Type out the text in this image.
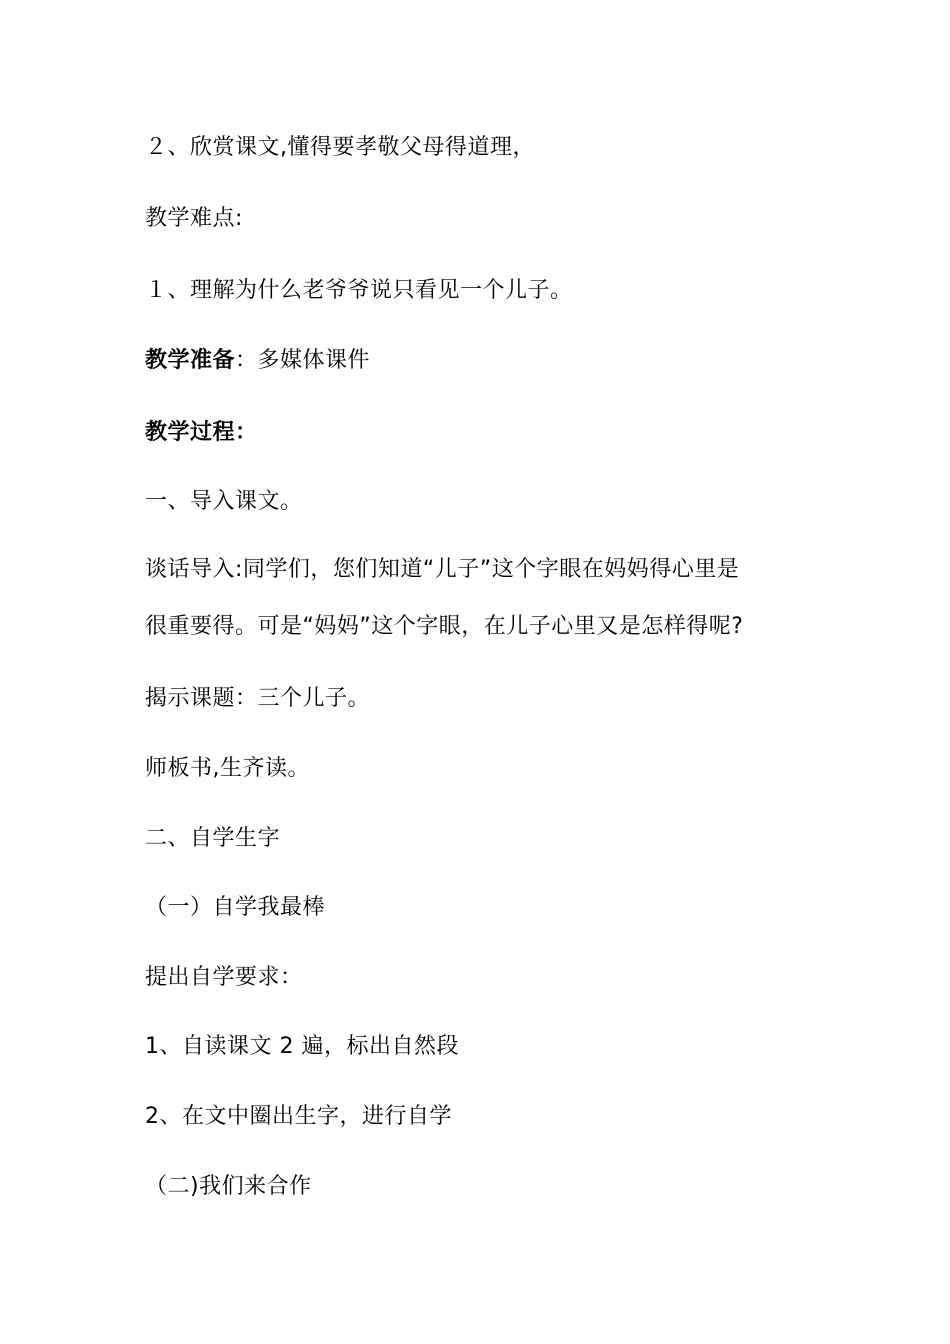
２、欣赏课文,懂得要孝敬父母得道理，
教学难点:
１、理解为什么老爷爷说只看见一个儿子。
教学准备：多媒体课件
教学过程：
一、导入课文。
谈话导入:同学们，您们知道“儿子”这个字眼在妈妈得心里是
很重要得。可是“妈妈”这个字眼，在儿子心里又是怎样得呢?
揭示课题：三个儿子。
师板书,生齐读。
二、自学生字
（一）自学我最棒
提出自学要求：
1、自读课文 2 遍，标出自然段
2、在文中圈出生字，进行自学
（二)我们来合作
